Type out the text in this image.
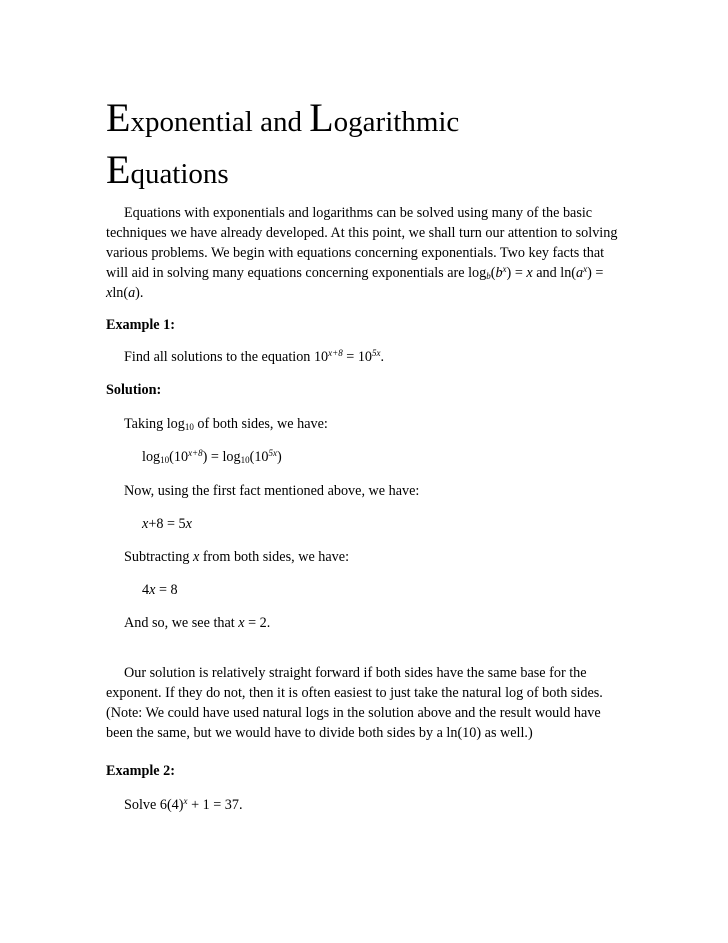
Exponential and Logarithmic
Equations

Equations with exponentials and logarithms can be solved using many of the basic techniques we have already developed. At this point, we shall turn our attention to solving various problems. We begin with equations concerning exponentials. Two key facts that will aid in solving many equations concerning exponentials are $\log_b(b^x) = x$ and $\ln(a^x) = xln(a)$.

Example 1:
Find all solutions to the equation $10^{x+8} = 10^{5x}$.
Solution:
Taking $\log_{10}$ of both sides, we have:
$\log_{10}(10^{x+8}) = \log_{10}(10^{5x})$
Now, using the first fact mentioned above, we have:
x+8 = 5x
Subtracting x from both sides, we have:
4x = 8
And so, we see that x = 2.

Our solution is relatively straight forward if both sides have the same base for the exponent. If they do not, then it is often easiest to just take the natural log of both sides. (Note: We could have used natural logs in the solution above and the result would have been the same, but we would have to divide both sides by a ln(10) as well.)

Example 2:
Solve $6(4)^x + 1 = 37$.
